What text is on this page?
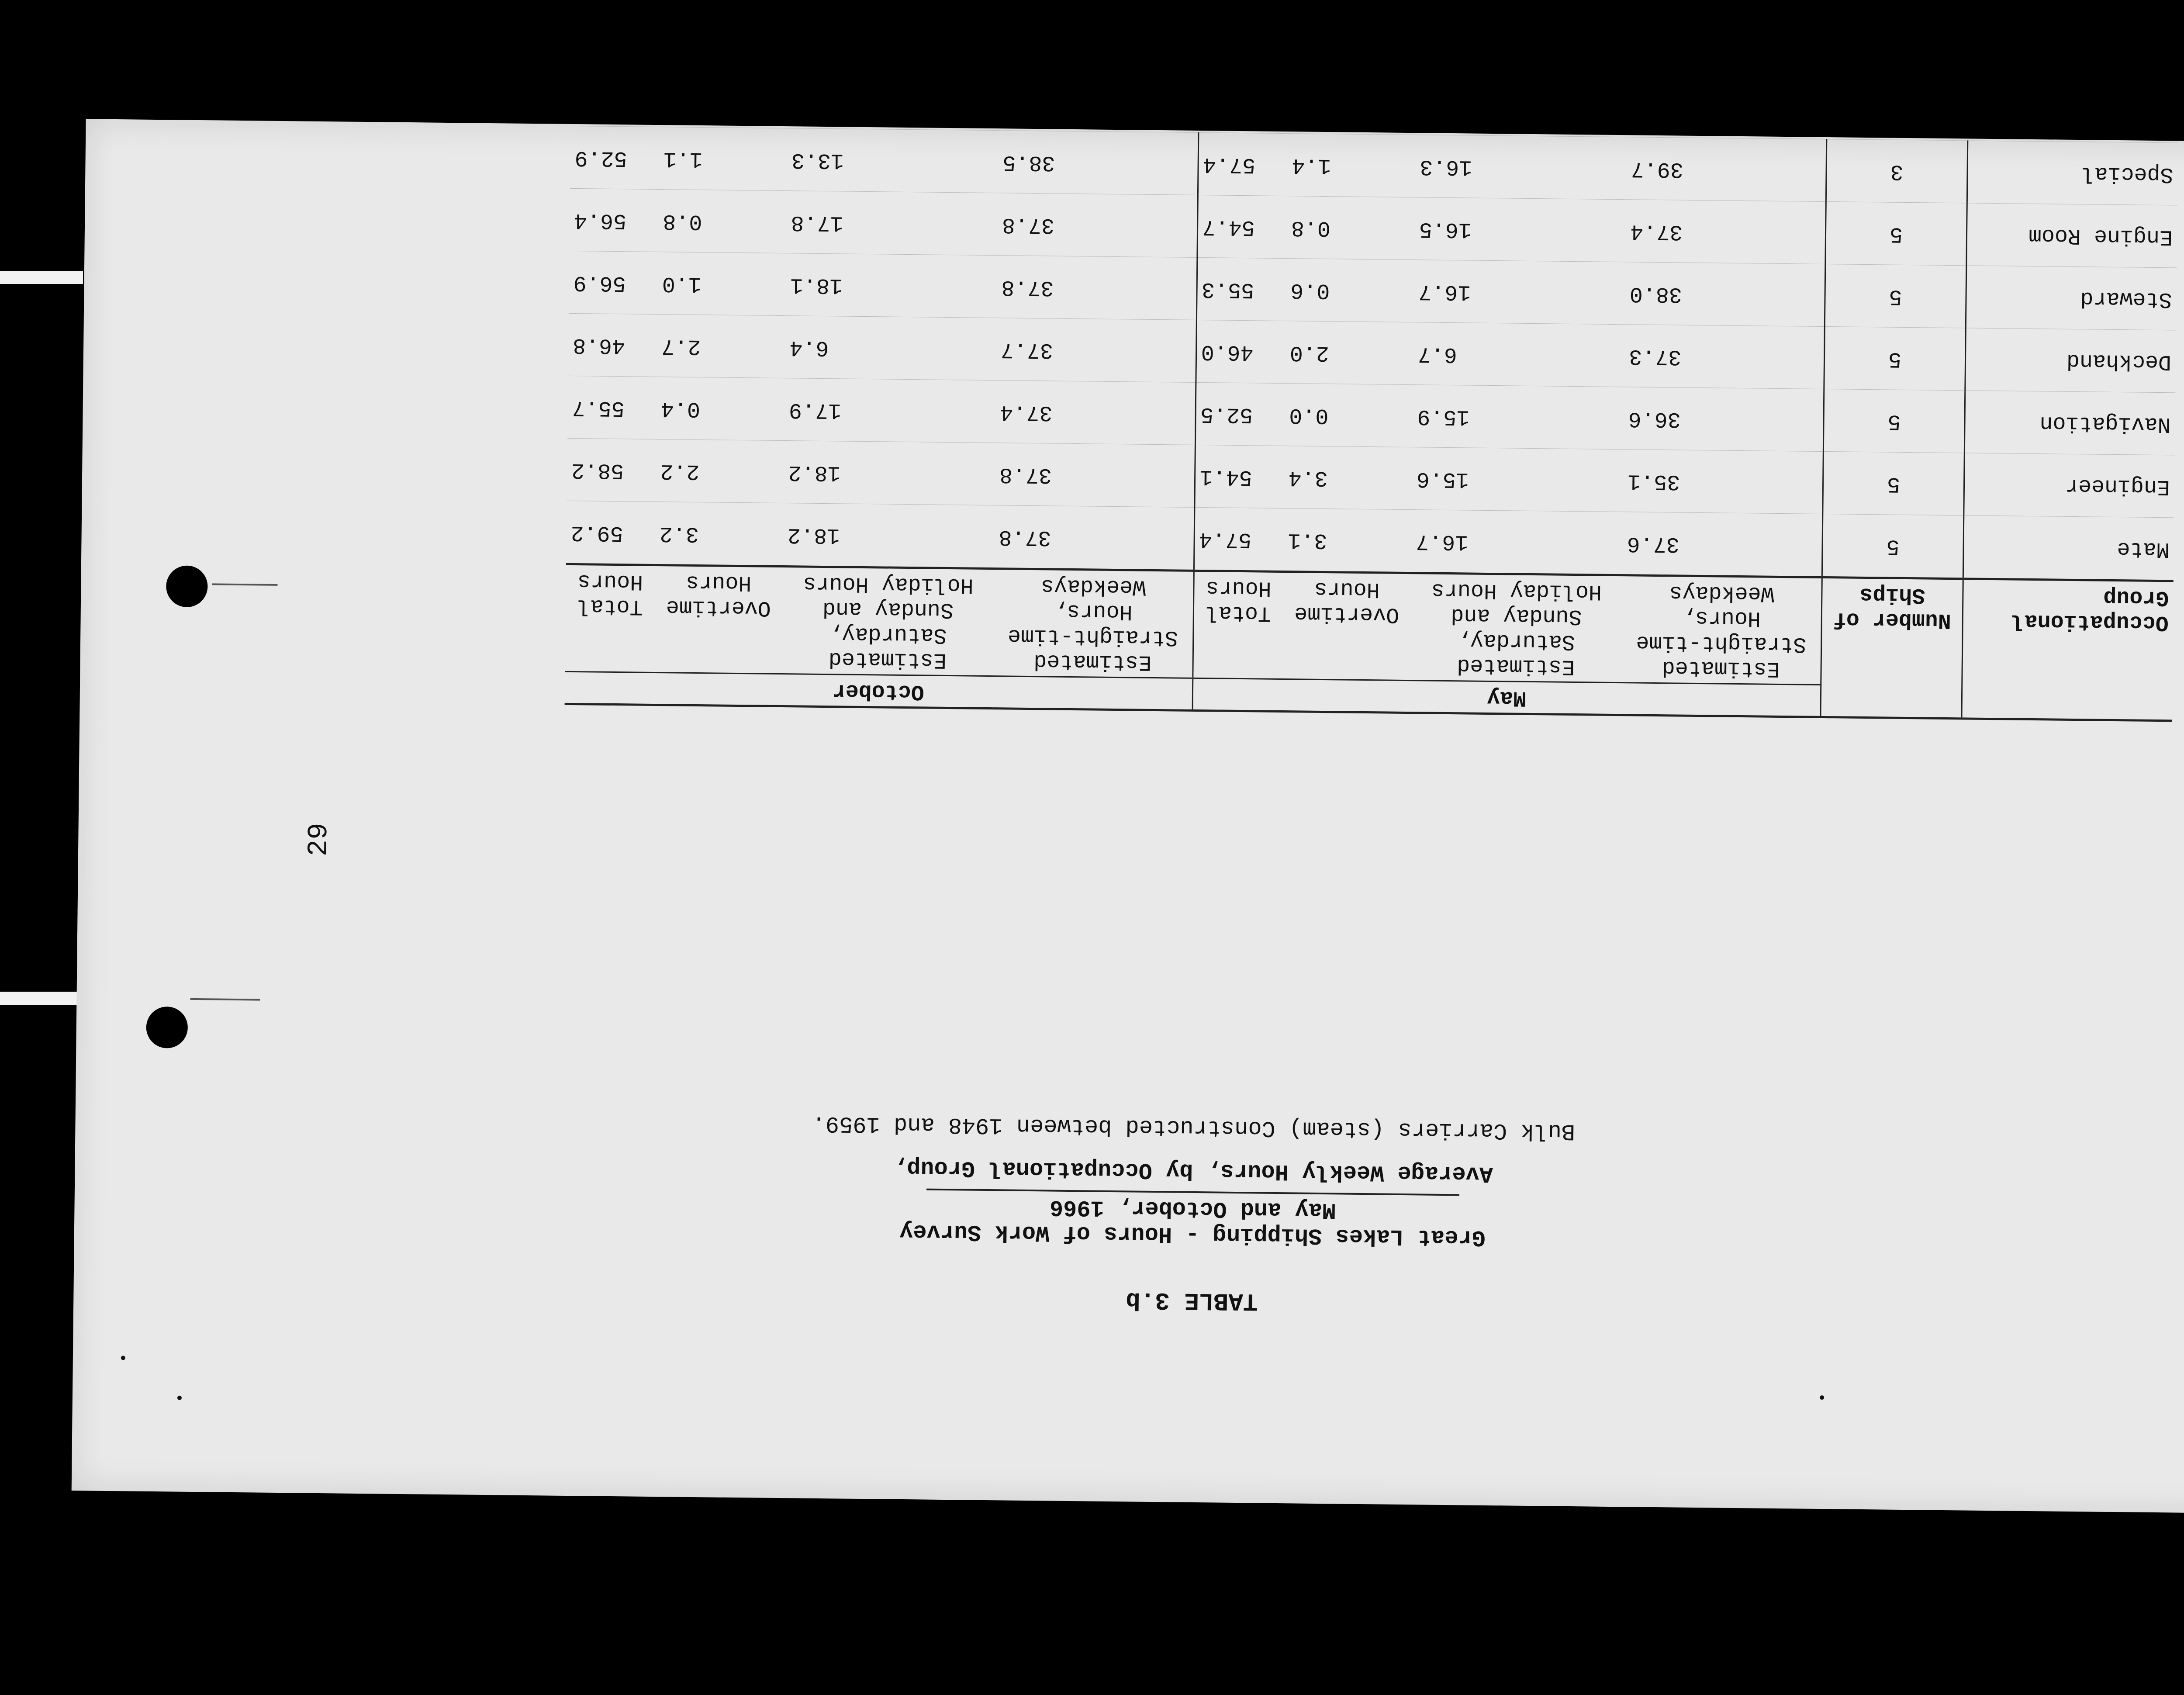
29
TABLE 3.b
Great Lakes Shipping - Hours of Work Survey
May and October, 1966
Average Weekly Hours, by Occupational Group,
Bulk Carriers (steam) Constructed between 1948 and 1959.
Occupational Group	Number of Ships	May				October			
		Estimated Straight-time Hours, Weekdays	Estimated Saturday, Sunday and Holiday Hours	Overtime Hours	Total Hours	Estimated Straight-time Hours, Weekdays	Estimated Saturday, Sunday and Holiday Hours	Overtime Hours	Total Hours
Mate	5	37.6	16.7	3.1	57.4	37.8	18.2	3.2	59.2
Engineer	5	35.1	15.6	3.4	54.1	37.8	18.2	2.2	58.2
Navigation	5	36.6	15.9	0.0	52.5	37.4	17.9	0.4	55.7
Deckhand	5	37.3	6.7	2.0	46.0	37.7	6.4	2.7	46.8
Steward	5	38.0	16.7	0.6	55.3	37.8	18.1	1.0	56.9
Engine Room	5	37.4	16.5	0.8	54.7	37.8	17.8	0.8	56.4
Special	3	39.7	16.3	1.4	57.4	38.5	13.3	1.1	52.9
